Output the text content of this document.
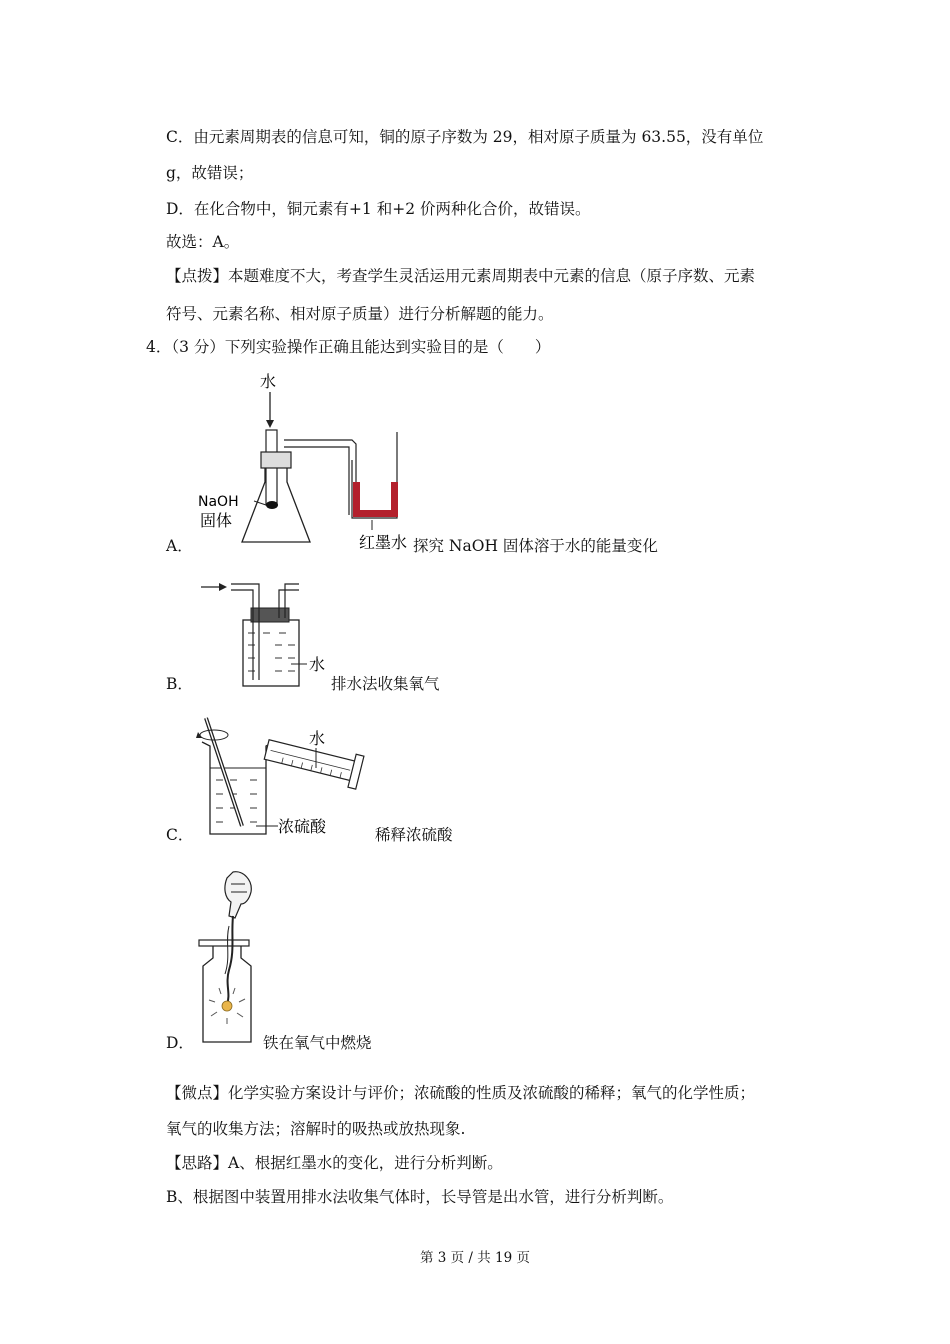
C．由元素周期表的信息可知，铜的原子序数为 29，相对原子质量为 63.55，没有单位
g，故错误；
D．在化合物中，铜元素有+1 和+2 价两种化合价，故错误。
故选：A。
【点拨】本题难度不大，考查学生灵活运用元素周期表中元素的信息（原子序数、元素
符号、元素名称、相对原子质量）进行分析解题的能力。
4．（3 分）下列实验操作正确且能达到实验目的是（　　）
A．
水
NaOH
固体
红墨水 探究 NaOH 固体溶于水的能量变化
B．
水
排水法收集氧气
C．
水
浓硫酸	稀释浓硫酸
D．	铁在氧气中燃烧
【微点】化学实验方案设计与评价；浓硫酸的性质及浓硫酸的稀释；氧气的化学性质；
氧气的收集方法；溶解时的吸热或放热现象.
【思路】A、根据红墨水的变化，进行分析判断。
B、根据图中装置用排水法收集气体时，长导管是出水管，进行分析判断。
第 3 页 / 共 19 页
